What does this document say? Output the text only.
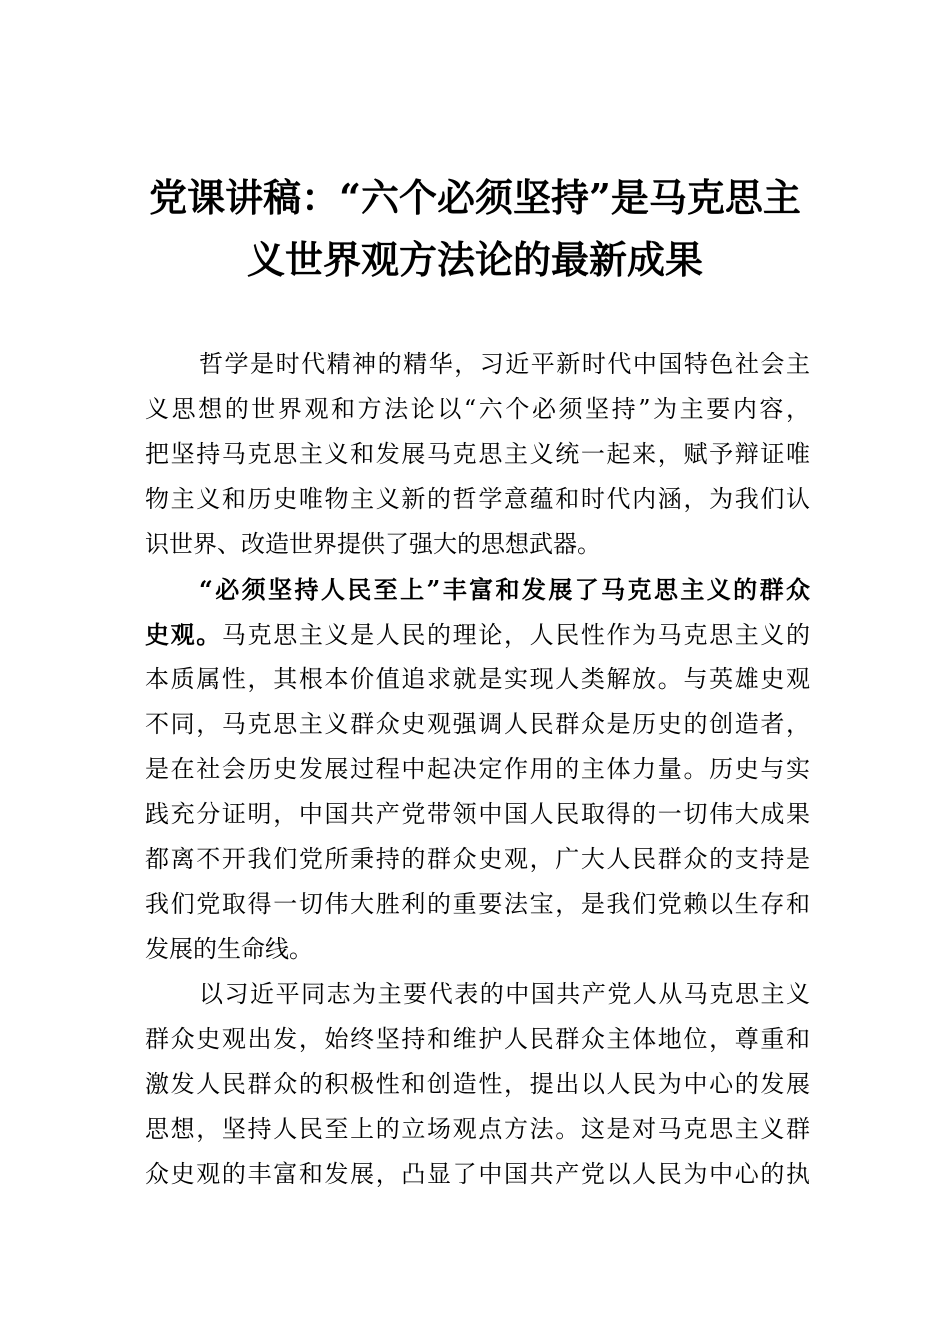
党课讲稿：“六个必须坚持”是马克思主
义世界观方法论的最新成果
哲学是时代精神的精华，习近平新时代中国特色社会主
义思想的世界观和方法论以“六个必须坚持”为主要内容，
把坚持马克思主义和发展马克思主义统一起来，赋予辩证唯
物主义和历史唯物主义新的哲学意蕴和时代内涵，为我们认
识世界、改造世界提供了强大的思想武器。
“必须坚持人民至上”丰富和发展了马克思主义的群众
史观。马克思主义是人民的理论，人民性作为马克思主义的
本质属性，其根本价值追求就是实现人类解放。与英雄史观
不同，马克思主义群众史观强调人民群众是历史的创造者，
是在社会历史发展过程中起决定作用的主体力量。历史与实
践充分证明，中国共产党带领中国人民取得的一切伟大成果
都离不开我们党所秉持的群众史观，广大人民群众的支持是
我们党取得一切伟大胜利的重要法宝，是我们党赖以生存和
发展的生命线。
以习近平同志为主要代表的中国共产党人从马克思主义
群众史观出发，始终坚持和维护人民群众主体地位，尊重和
激发人民群众的积极性和创造性，提出以人民为中心的发展
思想，坚持人民至上的立场观点方法。这是对马克思主义群
众史观的丰富和发展，凸显了中国共产党以人民为中心的执
